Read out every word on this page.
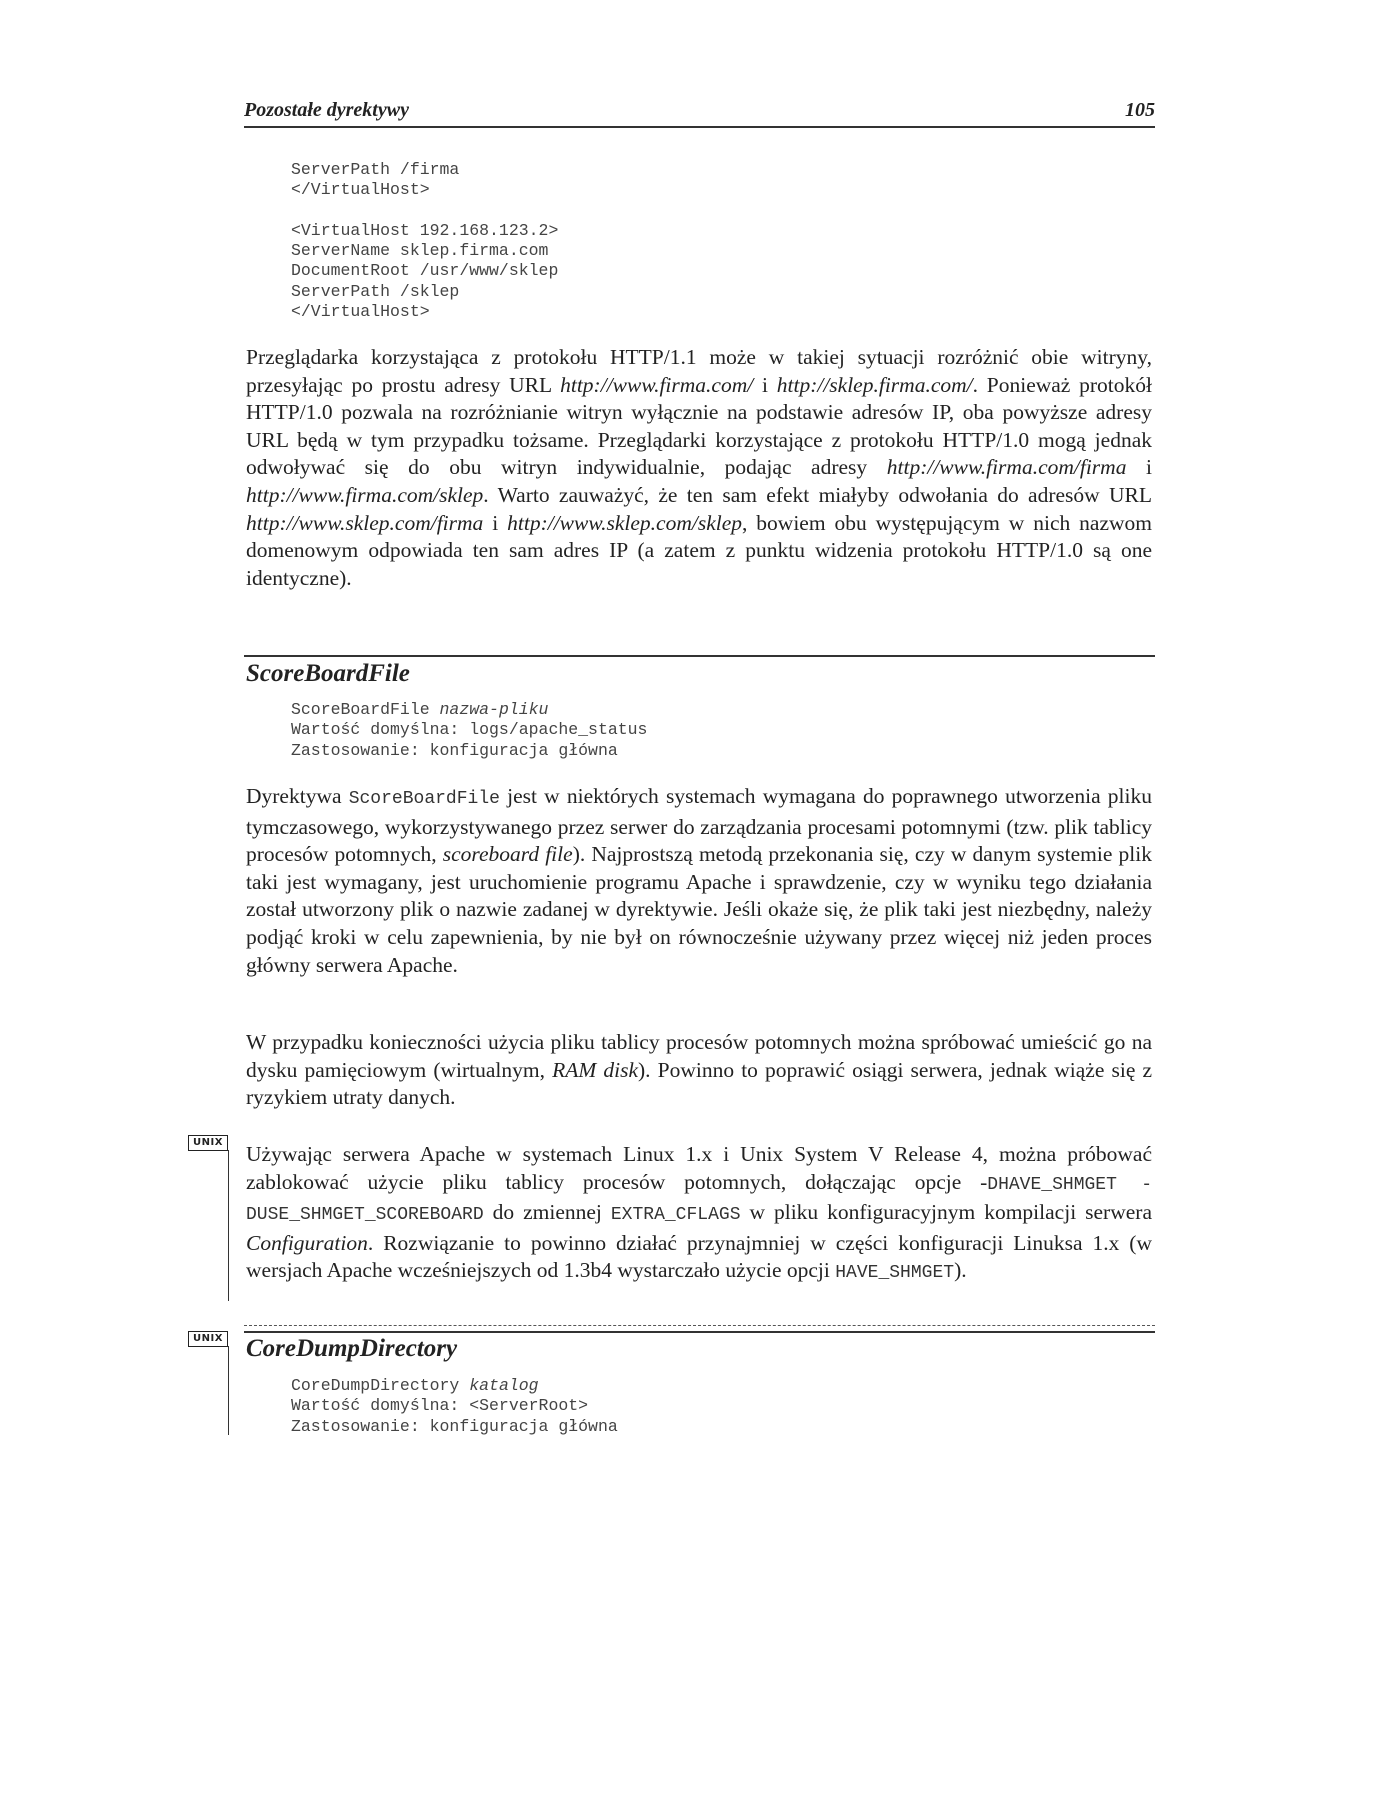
Pozostałe dyrektywy	105
ServerPath /firma
</VirtualHost>

<VirtualHost 192.168.123.2>
ServerName sklep.firma.com
DocumentRoot /usr/www/sklep
ServerPath /sklep
</VirtualHost>

Przeglądarka korzystająca z protokołu HTTP/1.1 może w takiej sytuacji rozróżnić obie witryny, przesyłając po prostu adresy URL http://www.firma.com/ i http://sklep.firma.com/. Ponieważ protokół HTTP/1.0 pozwala na rozróżnianie witryn wyłącznie na podstawie adresów IP, oba powyższe adresy URL będą w tym przypadku tożsame. Przeglądarki korzystające z protokołu HTTP/1.0 mogą jednak odwoływać się do obu witryn indywidualnie, podając adresy http://www.firma.com/firma i http://www.firma.com/sklep. Warto zauważyć, że ten sam efekt miałyby odwołania do adresów URL http://www.sklep.com/firma i http://www.sklep.com/sklep, bowiem obu występującym w nich nazwom domenowym odpowiada ten sam adres IP (a zatem z punktu widzenia protokołu HTTP/1.0 są one identyczne).

ScoreBoardFile
ScoreBoardFile nazwa-pliku
Wartość domyślna: logs/apache_status
Zastosowanie: konfiguracja główna

Dyrektywa ScoreBoardFile jest w niektórych systemach wymagana do poprawnego utworzenia pliku tymczasowego, wykorzystywanego przez serwer do zarządzania procesami potomnymi (tzw. plik tablicy procesów potomnych, scoreboard file). Najprostszą metodą przekonania się, czy w danym systemie plik taki jest wymagany, jest uruchomienie programu Apache i sprawdzenie, czy w wyniku tego działania został utworzony plik o nazwie zadanej w dyrektywie. Jeśli okaże się, że plik taki jest niezbędny, należy podjąć kroki w celu zapewnienia, by nie był on równocześnie używany przez więcej niż jeden proces główny serwera Apache.

W przypadku konieczności użycia pliku tablicy procesów potomnych można spróbować umieścić go na dysku pamięciowym (wirtualnym, RAM disk). Powinno to poprawić osiągi serwera, jednak wiąże się z ryzykiem utraty danych.

UNIX Używając serwera Apache w systemach Linux 1.x i Unix System V Release 4, można próbować zablokować użycie pliku tablicy procesów potomnych, dołączając opcje -DHAVE_SHMGET -DUSE_SHMGET_SCOREBOARD do zmiennej EXTRA_CFLAGS w pliku konfiguracyjnym kompilacji serwera Configuration. Rozwiązanie to powinno działać przynajmniej w części konfiguracji Linuksa 1.x (w wersjach Apache wcześniejszych od 1.3b4 wystarczało użycie opcji HAVE_SHMGET).

UNIX CoreDumpDirectory
CoreDumpDirectory katalog
Wartość domyślna: <ServerRoot>
Zastosowanie: konfiguracja główna
